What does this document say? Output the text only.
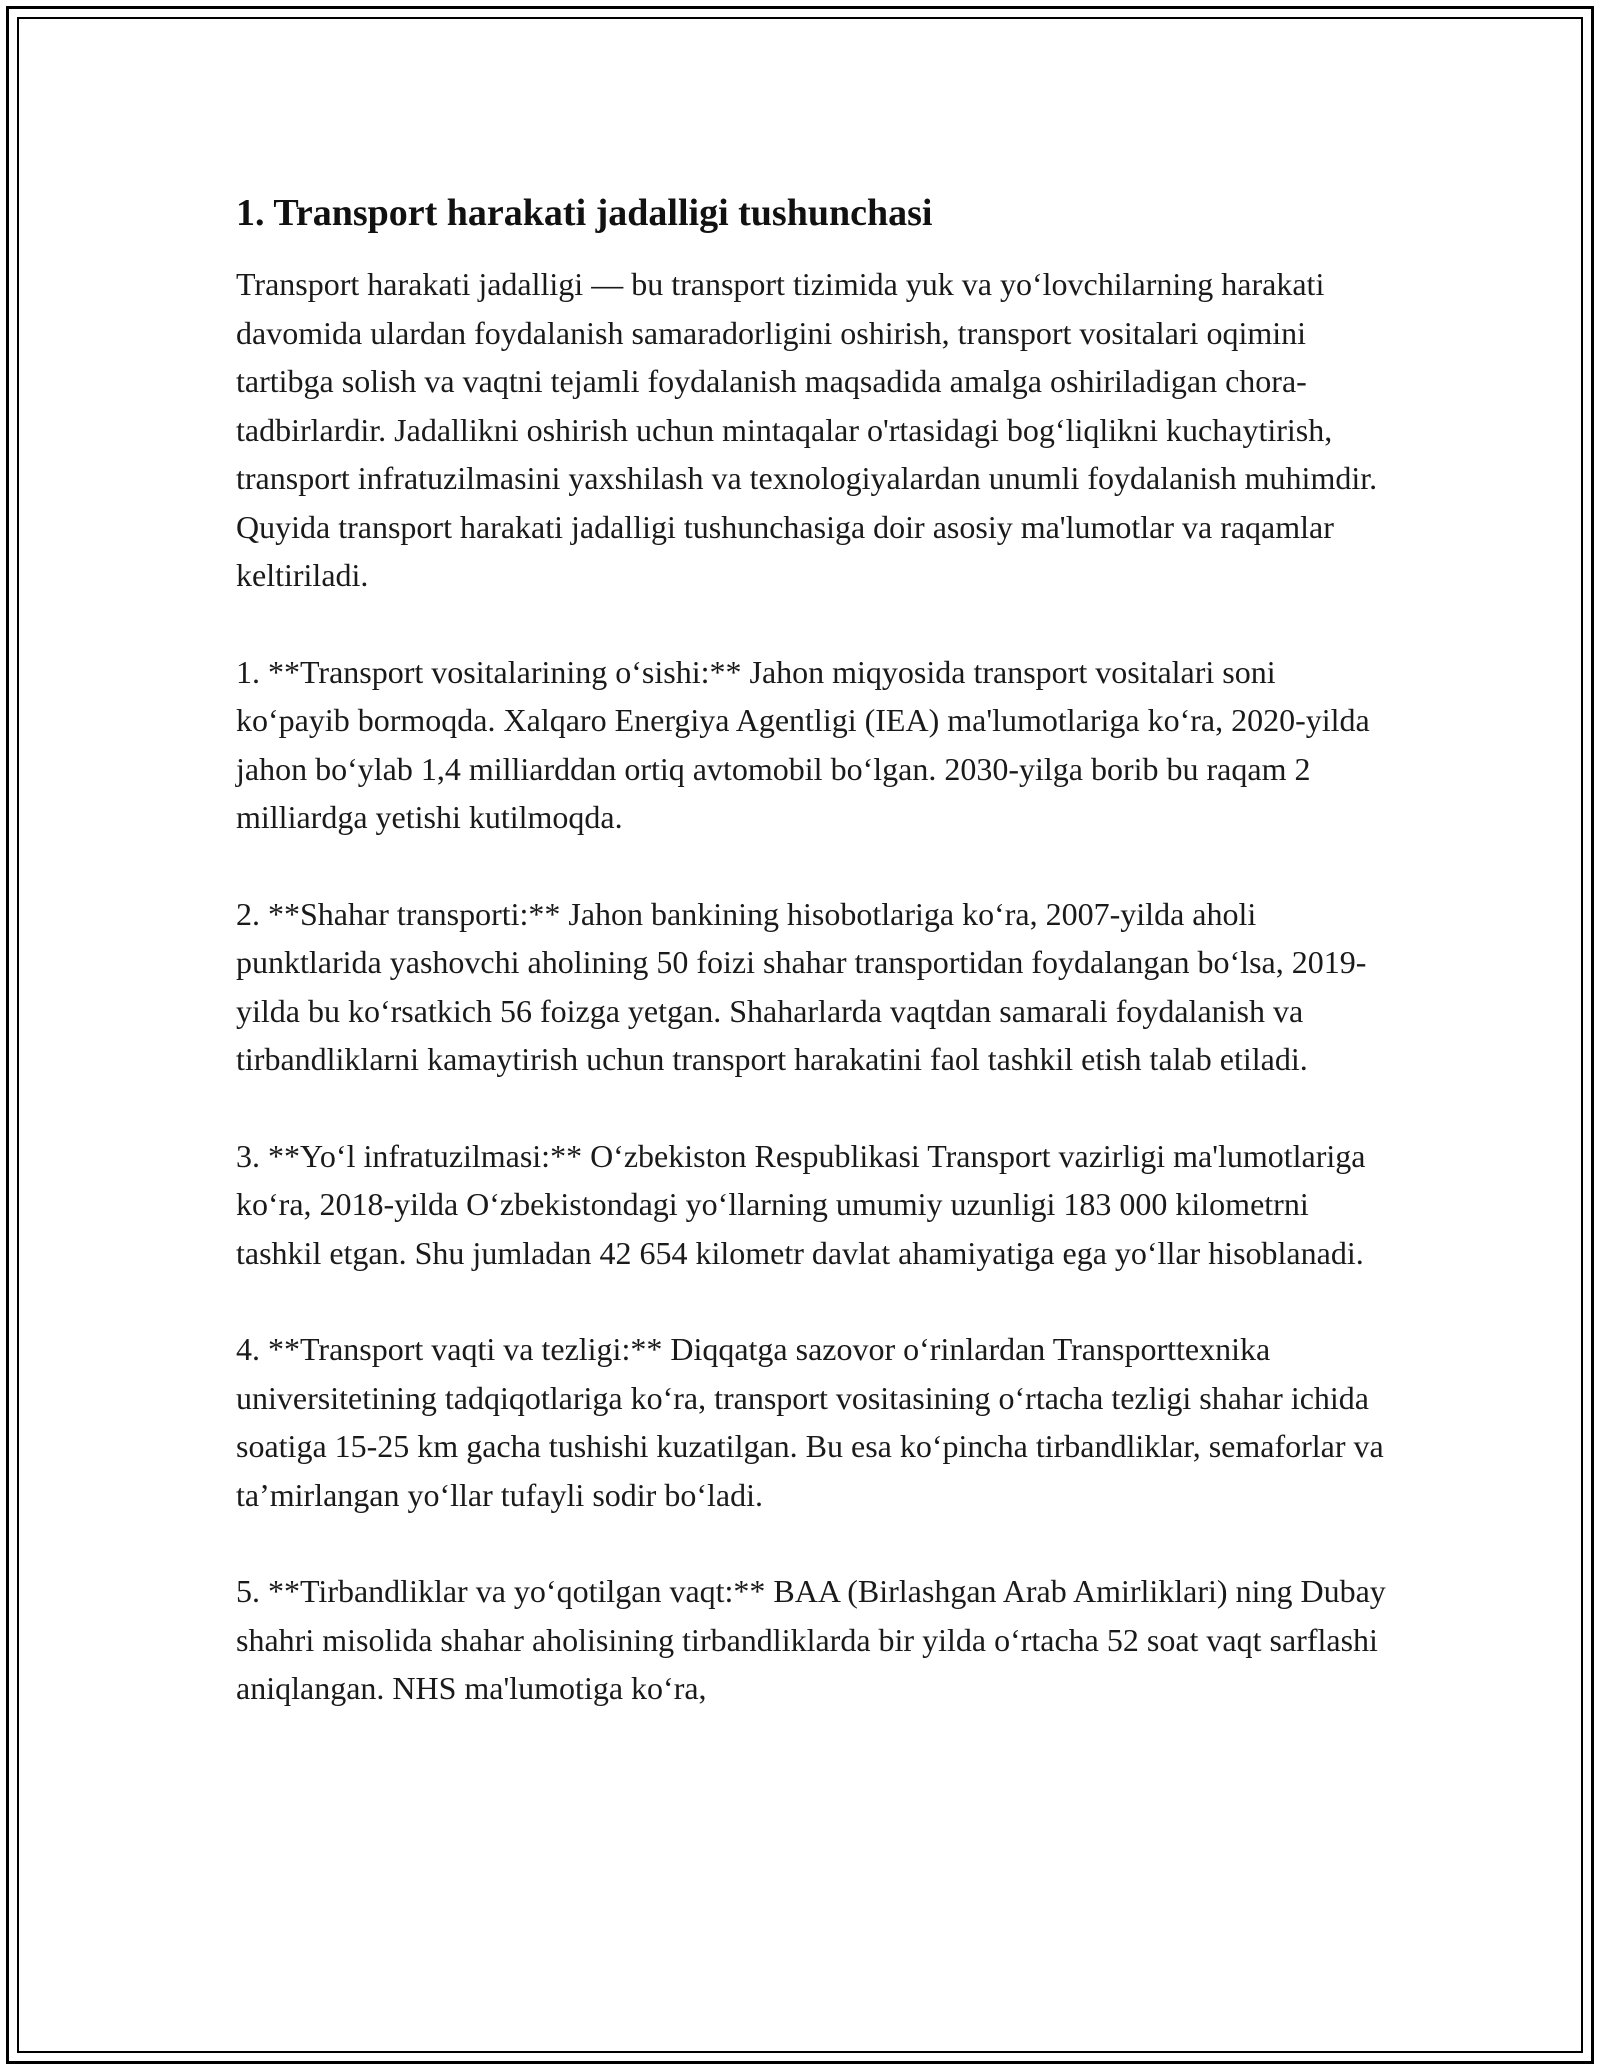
1. Transport harakati jadalligi tushunchasi

Transport harakati jadalligi — bu transport tizimida yuk va yo‘lovchilarning harakati davomida ulardan foydalanish samaradorligini oshirish, transport vositalari oqimini tartibga solish va vaqtni tejamli foydalanish maqsadida amalga oshiriladigan chora-tadbirlardir. Jadallikni oshirish uchun mintaqalar o'rtasidagi bog‘liqlikni kuchaytirish, transport infratuzilmasini yaxshilash va texnologiyalardan unumli foydalanish muhimdir. Quyida transport harakati jadalligi tushunchasiga doir asosiy ma'lumotlar va raqamlar keltiriladi.

1. **Transport vositalarining o‘sishi:** Jahon miqyosida transport vositalari soni ko‘payib bormoqda. Xalqaro Energiya Agentligi (IEA) ma'lumotlariga ko‘ra, 2020-yilda jahon bo‘ylab 1,4 milliarddan ortiq avtomobil bo‘lgan. 2030-yilga borib bu raqam 2 milliardga yetishi kutilmoqda.

2. **Shahar transporti:** Jahon bankining hisobotlariga ko‘ra, 2007-yilda aholi punktlarida yashovchi aholining 50 foizi shahar transportidan foydalangan bo‘lsa, 2019-yilda bu ko‘rsatkich 56 foizga yetgan. Shaharlarda vaqtdan samarali foydalanish va tirbandliklarni kamaytirish uchun transport harakatini faol tashkil etish talab etiladi.

3. **Yo‘l infratuzilmasi:** O‘zbekiston Respublikasi Transport vazirligi ma'lumotlariga ko‘ra, 2018-yilda O‘zbekistondagi yo‘llarning umumiy uzunligi 183 000 kilometrni tashkil etgan. Shu jumladan 42 654 kilometr davlat ahamiyatiga ega yo‘llar hisoblanadi.

4. **Transport vaqti va tezligi:** Diqqatga sazovor o‘rinlardan Transporttexnika universitetining tadqiqotlariga ko‘ra, transport vositasining o‘rtacha tezligi shahar ichida soatiga 15-25 km gacha tushishi kuzatilgan. Bu esa ko‘pincha tirbandliklar, semaforlar va ta’mirlangan yo‘llar tufayli sodir bo‘ladi.

5. **Tirbandliklar va yo‘qotilgan vaqt:** BAA (Birlashgan Arab Amirliklari) ning Dubay shahri misolida shahar aholisining tirbandliklarda bir yilda o‘rtacha 52 soat vaqt sarflashi aniqlangan. NHS ma'lumotiga ko‘ra,
